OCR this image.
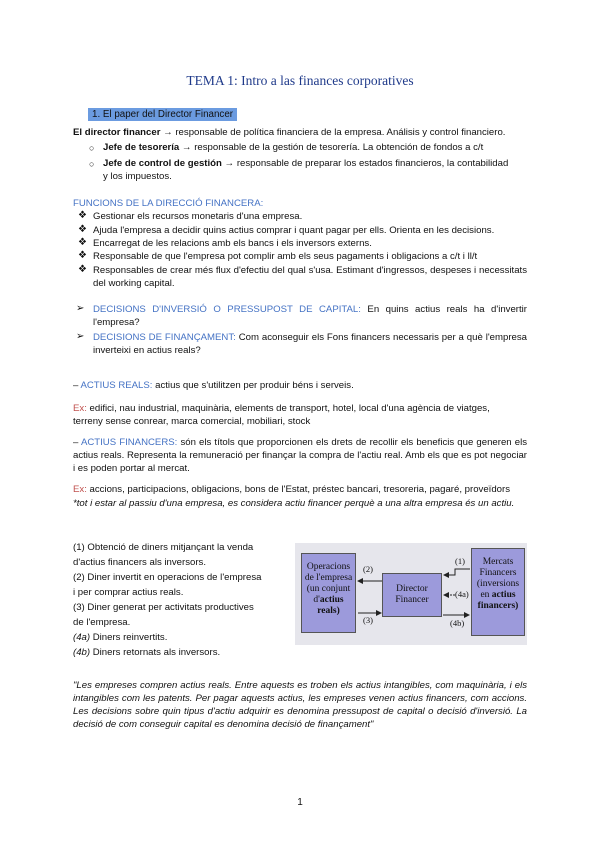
TEMA 1: Intro a las finances corporatives
1. El paper del Director Financer
El director financer → responsable de política financiera de la empresa. Análisis y control financiero.
○ Jefe de tesorería → responsable de la gestión de tesorería. La obtención de fondos a c/t
○ Jefe de control de gestión → responsable de preparar los estados financieros, la contabilidad
y los impuestos.
FUNCIONS DE LA DIRECCIÓ FINANCERA:
❖ Gestionar els recursos monetaris d'una empresa.
❖ Ajuda l'empresa a decidir quins actius comprar i quant pagar per ells. Orienta en les decisions.
❖ Encarregat de les relacions amb els bancs i els inversors externs.
❖ Responsable de que l'empresa pot complir amb els seus pagaments i obligacions a c/t i ll/t
❖ Responsables de crear més flux d'efectiu del qual s'usa. Estimant d'ingressos, despeses i necessitats del working capital.
➢ DECISIONS D'INVERSIÓ O PRESSUPOST DE CAPITAL: En quins actius reals ha d'invertir l'empresa?
➢ DECISIONS DE FINANÇAMENT: Com aconseguir els Fons financers necessaris per a què l'empresa inverteixi en actius reals?
– ACTIUS REALS: actius que s'utilitzen per produir béns i serveis.
Ex: edifici, nau industrial, maquinària, elements de transport, hotel, local d'una agència de viatges, terreny sense conrear, marca comercial, mobiliari, stock
– ACTIUS FINANCERS: són els títols que proporcionen els drets de recollir els beneficis que generen els actius reals. Representa la remuneració per finançar la compra de l'actiu real. Amb els que es pot negociar i es poden portar al mercat.
Ex: accions, participacions, obligacions, bons de l'Estat, préstec bancari, tresoreria, pagaré, proveïdors
*tot i estar al passiu d'una empresa, es considera actiu financer perquè a una altra empresa és un actiu.
(1) Obtenció de diners mitjançant la venda
d'actius financers als inversors.
(2) Diner invertit en operacions de l'empresa
i per comprar actius reals.
(3) Diner generat per activitats productives
de l'empresa.
(4a) Diners reinvertits.
(4b) Diners retornats als inversors.
Operacions
de l'empresa
(un conjunt
d'actius
reals)
Director
Financer
Mercats
Financers
(inversions
en actius
financers)
(2)
(3)
(1)
(4a)
(4b)
"Les empreses compren actius reals. Entre aquests es troben els actius intangibles, com maquinària, i els intangibles com les patents. Per pagar aquests actius, les empreses venen actius financers, com accions. Les decisions sobre quin tipus d'actiu adquirir es denomina pressupost de capital o decisió d'inversió. La decisió de com conseguir capital es denomina decisió de finançament"
1
